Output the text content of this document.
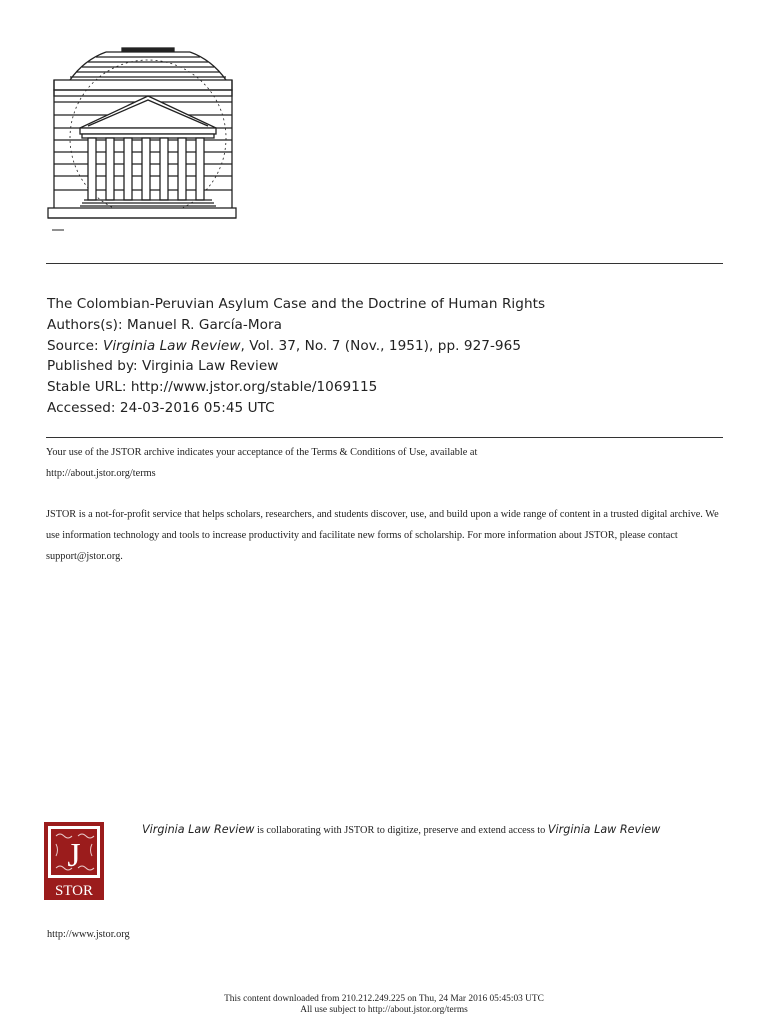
The Colombian-Peruvian Asylum Case and the Doctrine of Human Rights
Authors(s): Manuel R. García-Mora
Source: Virginia Law Review, Vol. 37, No. 7 (Nov., 1951), pp. 927-965
Published by: Virginia Law Review
Stable URL: http://www.jstor.org/stable/1069115
Accessed: 24-03-2016 05:45 UTC
Your use of the JSTOR archive indicates your acceptance of the Terms & Conditions of Use, available at
http://about.jstor.org/terms
JSTOR is a not-for-profit service that helps scholars, researchers, and students discover, use, and build upon a wide range of content in a trusted digital archive. We use information technology and tools to increase productivity and facilitate new forms of scholarship. For more information about JSTOR, please contact support@jstor.org.
J
STOR
Virginia Law Review is collaborating with JSTOR to digitize, preserve and extend access to Virginia Law Review
http://www.jstor.org
This content downloaded from 210.212.249.225 on Thu, 24 Mar 2016 05:45:03 UTC
All use subject to http://about.jstor.org/terms
